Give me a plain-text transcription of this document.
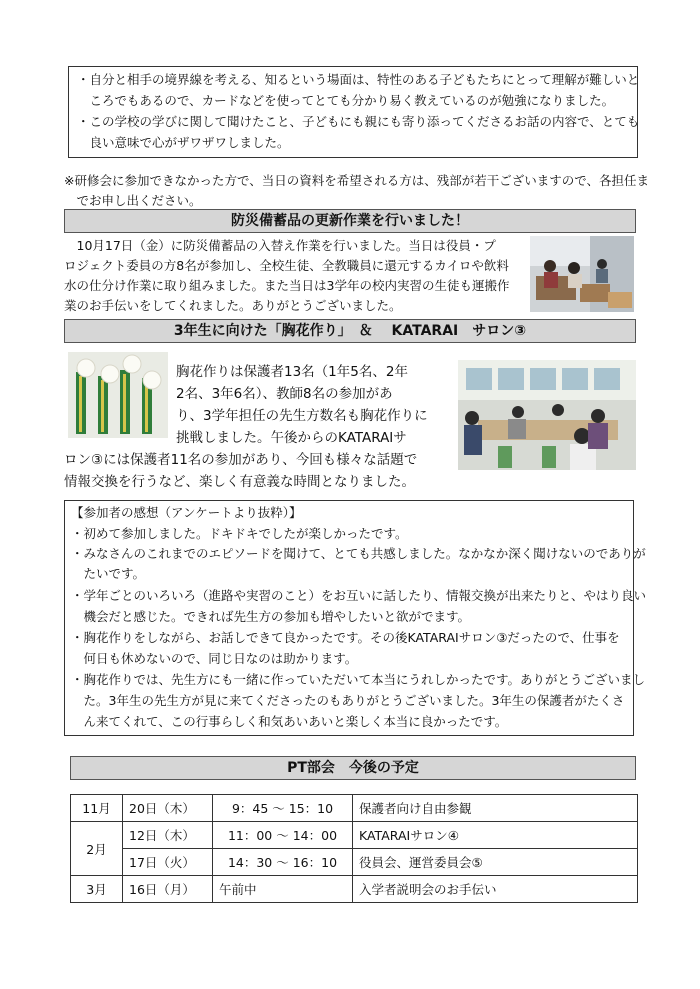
・自分と相手の境界線を考える、知るという場面は、特性のある子どもたちにとって理解が難しいと
　ころでもあるので、カードなどを使ってとても分かり易く教えているのが勉強になりました。
・この学校の学びに関して聞けたこと、子どもにも親にも寄り添ってくださるお話の内容で、とても
　良い意味で心がザワザワしました。
※研修会に参加できなかった方で、当日の資料を希望される方は、残部が若干ございますので、各担任ま
　でお申し出ください。
防災備蓄品の更新作業を行いました！
　10月17日（金）に防災備蓄品の入替え作業を行いました。当日は役員・プ
ロジェクト委員の方8名が参加し、全校生徒、全教職員に還元するカイロや飲料
水の仕分け作業に取り組みました。また当日は3学年の校内実習の生徒も運搬作
業のお手伝いをしてくれました。ありがとうございました。
3年生に向けた「胸花作り」　＆　 KATARAI　サロン③
胸花作りは保護者13名（1年5名、2年
2名、3年6名）、教師8名の参加があ
り、3学年担任の先生方数名も胸花作りに
挑戦しました。午後からのKATARAIサ
ロン③には保護者11名の参加があり、今回も様々な話題で
情報交換を行うなど、楽しく有意義な時間となりました。
【参加者の感想（アンケートより抜粋）】
・初めて参加しました。ドキドキでしたが楽しかったです。
・みなさんのこれまでのエピソードを聞けて、とても共感しました。なかなか深く聞けないのでありが
　たいです。
・学年ごとのいろいろ（進路や実習のこと）をお互いに話したり、情報交換が出来たりと、やはり良い
　機会だと感じた。できれば先生方の参加も増やしたいと欲がでます。
・胸花作りをしながら、お話しできて良かったです。その後KATARAIサロン③だったので、仕事を
　何日も休めないので、同じ日なのは助かります。
・胸花作りでは、先生方にも一緒に作っていただいて本当にうれしかったです。ありがとうございまし
　た。3年生の先生方が見に来てくださったのもありがとうございました。3年生の保護者がたくさ
　ん来てくれて、この行事らしく和気あいあいと楽しく本当に良かったです。
PT部会　今後の予定
11月	20日（木）	9：45 ～ 15：10	保護者向け自由参観
2月	12日（木）	11：00 ～ 14：00	KATARAIサロン④
	17日（火）	14：30 ～ 16：10	役員会、運営委員会⑤
3月	16日（月）	午前中	入学者説明会のお手伝い
